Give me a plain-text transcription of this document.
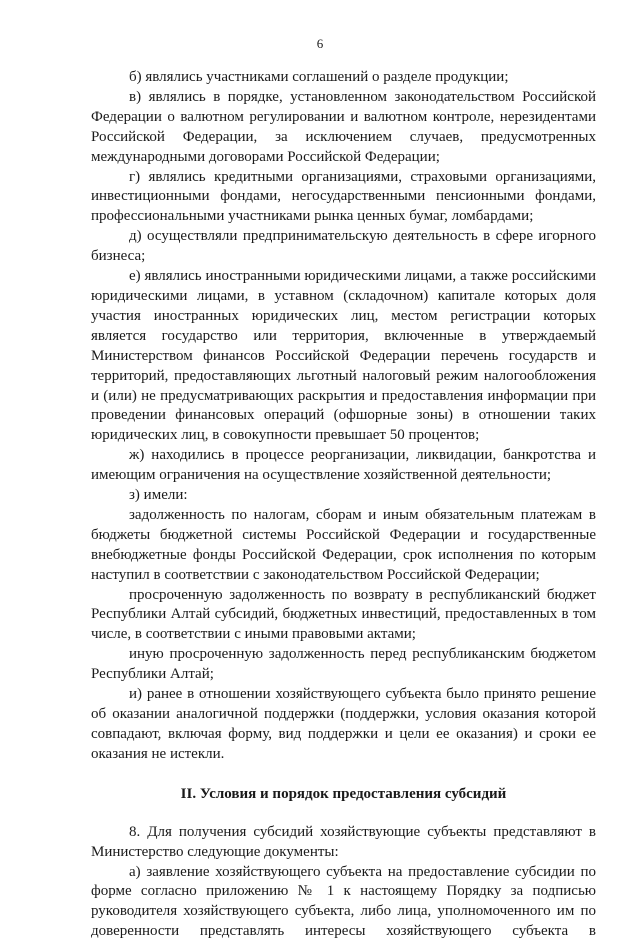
6

б) являлись участниками соглашений о разделе продукции;

в) являлись в порядке, установленном законодательством Российской Федерации о валютном регулировании и валютном контроле, нерезидентами Российской Федерации, за исключением случаев, предусмотренных международными договорами Российской Федерации;

г) являлись кредитными организациями, страховыми организациями, инвестиционными фондами, негосударственными пенсионными фондами, профессиональными участниками рынка ценных бумаг, ломбардами;

д) осуществляли предпринимательскую деятельность в сфере игорного бизнеса;

е) являлись иностранными юридическими лицами, а также российскими юридическими лицами, в уставном (складочном) капитале которых доля участия иностранных юридических лиц, местом регистрации которых является государство или территория, включенные в утверждаемый Министерством финансов Российской Федерации перечень государств и территорий, предоставляющих льготный налоговый режим налогообложения и (или) не предусматривающих раскрытия и предоставления информации при проведении финансовых операций (офшорные зоны) в отношении таких юридических лиц, в совокупности превышает 50 процентов;

ж) находились в процессе реорганизации, ликвидации, банкротства и имеющим ограничения на осуществление хозяйственной деятельности;

з) имели:

задолженность по налогам, сборам и иным обязательным платежам в бюджеты бюджетной системы Российской Федерации и государственные внебюджетные фонды Российской Федерации, срок исполнения по которым наступил в соответствии с законодательством Российской Федерации;

просроченную задолженность по возврату в республиканский бюджет Республики Алтай субсидий, бюджетных инвестиций, предоставленных в том числе, в соответствии с иными правовыми актами;

иную просроченную задолженность перед республиканским бюджетом Республики Алтай;

и) ранее в отношении хозяйствующего субъекта было принято решение об оказании аналогичной поддержки (поддержки, условия оказания которой совпадают, включая форму, вид поддержки и цели ее оказания) и сроки ее оказания не истекли.

II. Условия и порядок предоставления субсидий

8. Для получения субсидий хозяйствующие субъекты представляют в Министерство следующие документы:

а) заявление хозяйствующего субъекта на предоставление субсидии по форме согласно приложению № 1 к настоящему Порядку за подписью руководителя хозяйствующего субъекта, либо лица, уполномоченного им по доверенности представлять интересы хозяйствующего субъекта в
